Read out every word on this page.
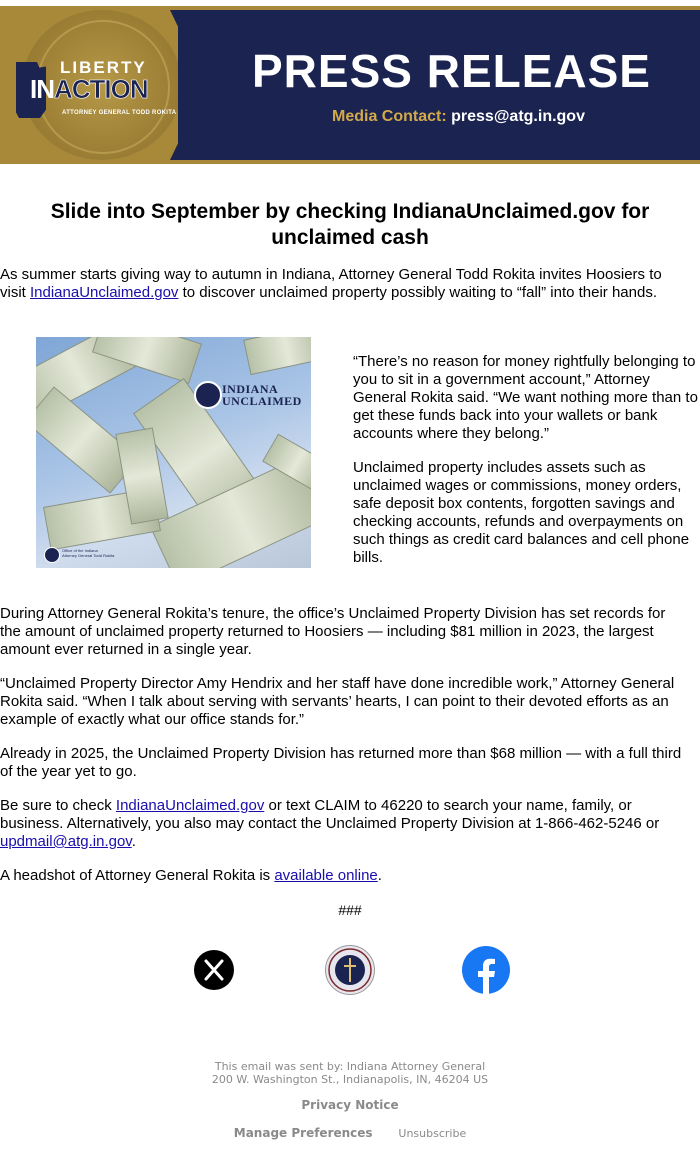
LIBERTY
INACTION
ATTORNEY GENERAL TODD ROKITA
PRESS RELEASE
Media Contact: press@atg.in.gov
Slide into September by checking IndianaUnclaimed.gov for unclaimed cash

As summer starts giving way to autumn in Indiana, Attorney General Todd Rokita invites Hoosiers to visit IndianaUnclaimed.gov to discover unclaimed property possibly waiting to “fall” into their hands.

INDIANA
UNCLAIMED
Office of the Indiana
Attorney General Todd Rokita

“There’s no reason for money rightfully belonging to you to sit in a government account,” Attorney General Rokita said. “We want nothing more than to get these funds back into your wallets or bank accounts where they belong.”

Unclaimed property includes assets such as unclaimed wages or commissions, money orders, safe deposit box contents, forgotten savings and checking accounts, refunds and overpayments on such things as credit card balances and cell phone bills.

During Attorney General Rokita’s tenure, the office’s Unclaimed Property Division has set records for the amount of unclaimed property returned to Hoosiers — including $81 million in 2023, the largest amount ever returned in a single year.

“Unclaimed Property Director Amy Hendrix and her staff have done incredible work,” Attorney General Rokita said. “When I talk about serving with servants’ hearts, I can point to their devoted efforts as an example of exactly what our office stands for.”

Already in 2025, the Unclaimed Property Division has returned more than $68 million — with a full third of the year yet to go.

Be sure to check IndianaUnclaimed.gov or text CLAIM to 46220 to search your name, family, or business. Alternatively, you also may contact the Unclaimed Property Division at 1-866-462-5246 or updmail@atg.in.gov.

A headshot of Attorney General Rokita is available online.

###
This email was sent by: Indiana Attorney General
200 W. Washington St., Indianapolis, IN, 46204 US
Privacy Notice
Manage Preferences Unsubscribe
